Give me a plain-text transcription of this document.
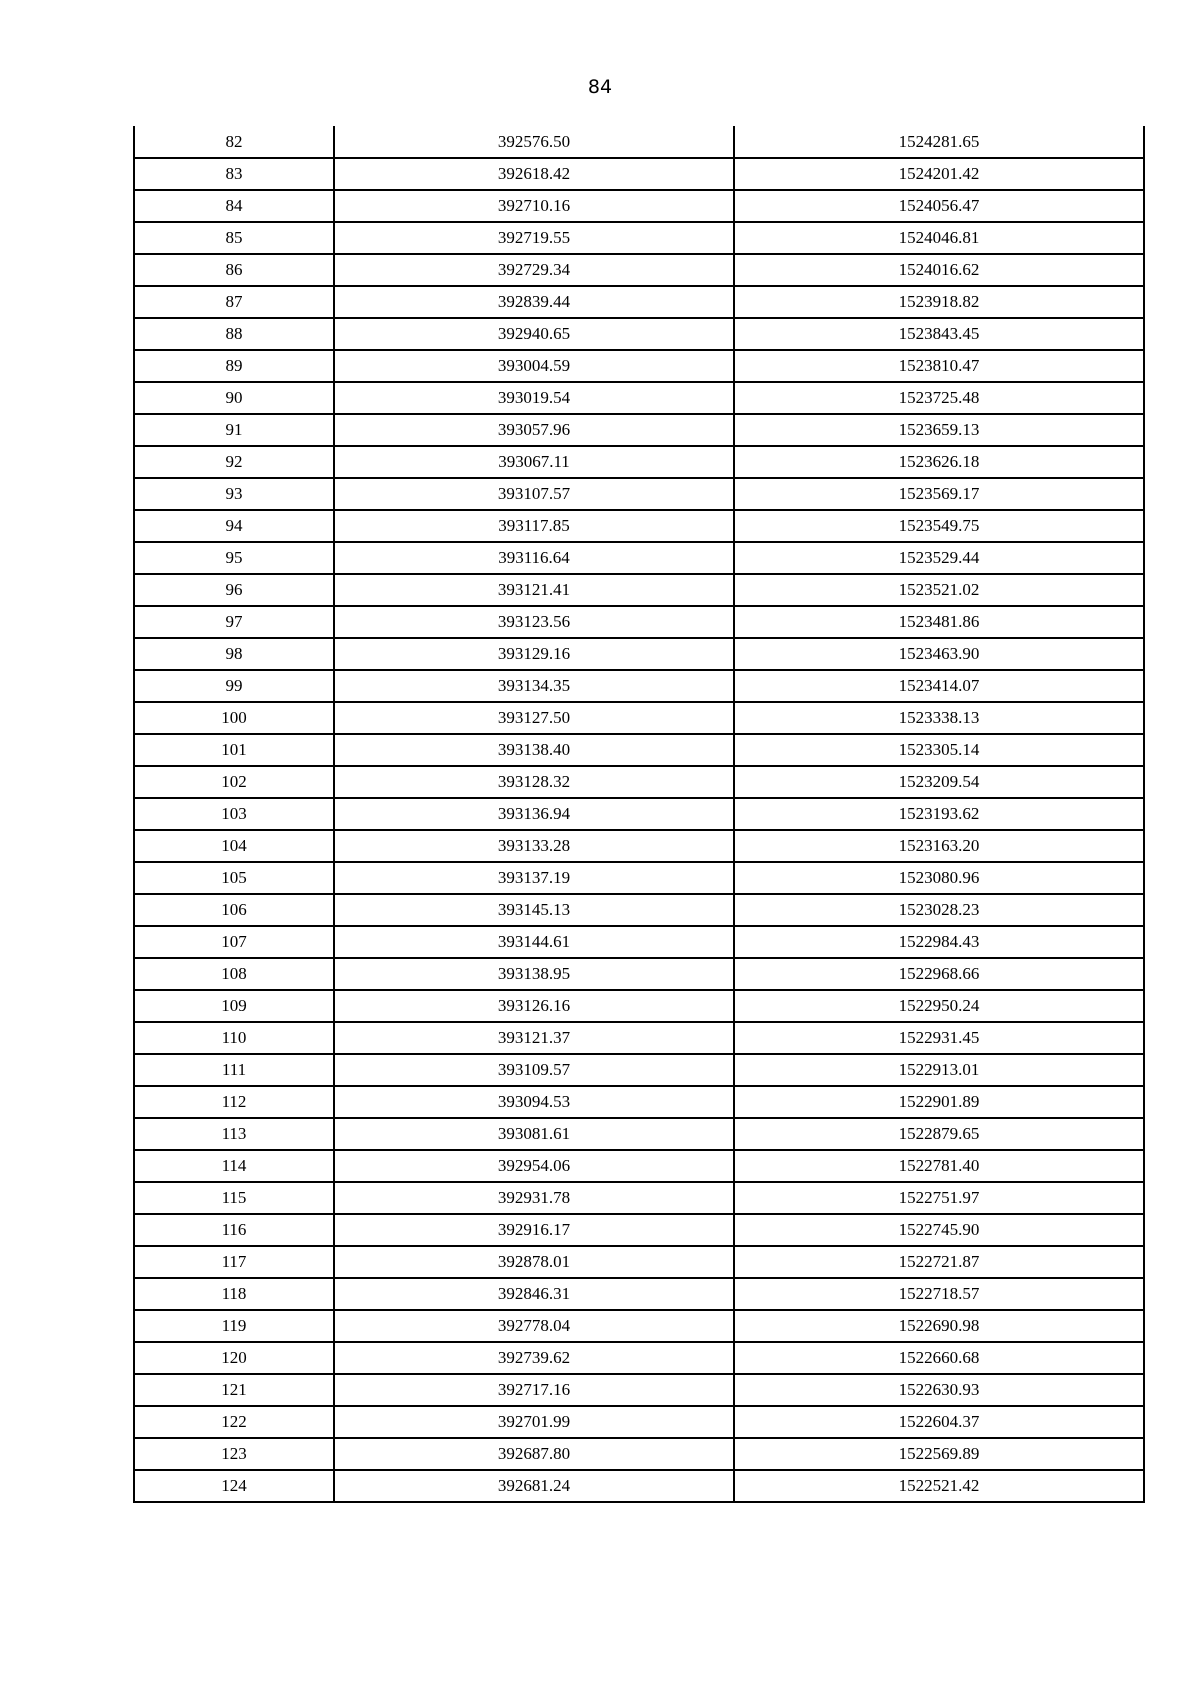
84
82	392576.50	1524281.65
83	392618.42	1524201.42
84	392710.16	1524056.47
85	392719.55	1524046.81
86	392729.34	1524016.62
87	392839.44	1523918.82
88	392940.65	1523843.45
89	393004.59	1523810.47
90	393019.54	1523725.48
91	393057.96	1523659.13
92	393067.11	1523626.18
93	393107.57	1523569.17
94	393117.85	1523549.75
95	393116.64	1523529.44
96	393121.41	1523521.02
97	393123.56	1523481.86
98	393129.16	1523463.90
99	393134.35	1523414.07
100	393127.50	1523338.13
101	393138.40	1523305.14
102	393128.32	1523209.54
103	393136.94	1523193.62
104	393133.28	1523163.20
105	393137.19	1523080.96
106	393145.13	1523028.23
107	393144.61	1522984.43
108	393138.95	1522968.66
109	393126.16	1522950.24
110	393121.37	1522931.45
111	393109.57	1522913.01
112	393094.53	1522901.89
113	393081.61	1522879.65
114	392954.06	1522781.40
115	392931.78	1522751.97
116	392916.17	1522745.90
117	392878.01	1522721.87
118	392846.31	1522718.57
119	392778.04	1522690.98
120	392739.62	1522660.68
121	392717.16	1522630.93
122	392701.99	1522604.37
123	392687.80	1522569.89
124	392681.24	1522521.42
